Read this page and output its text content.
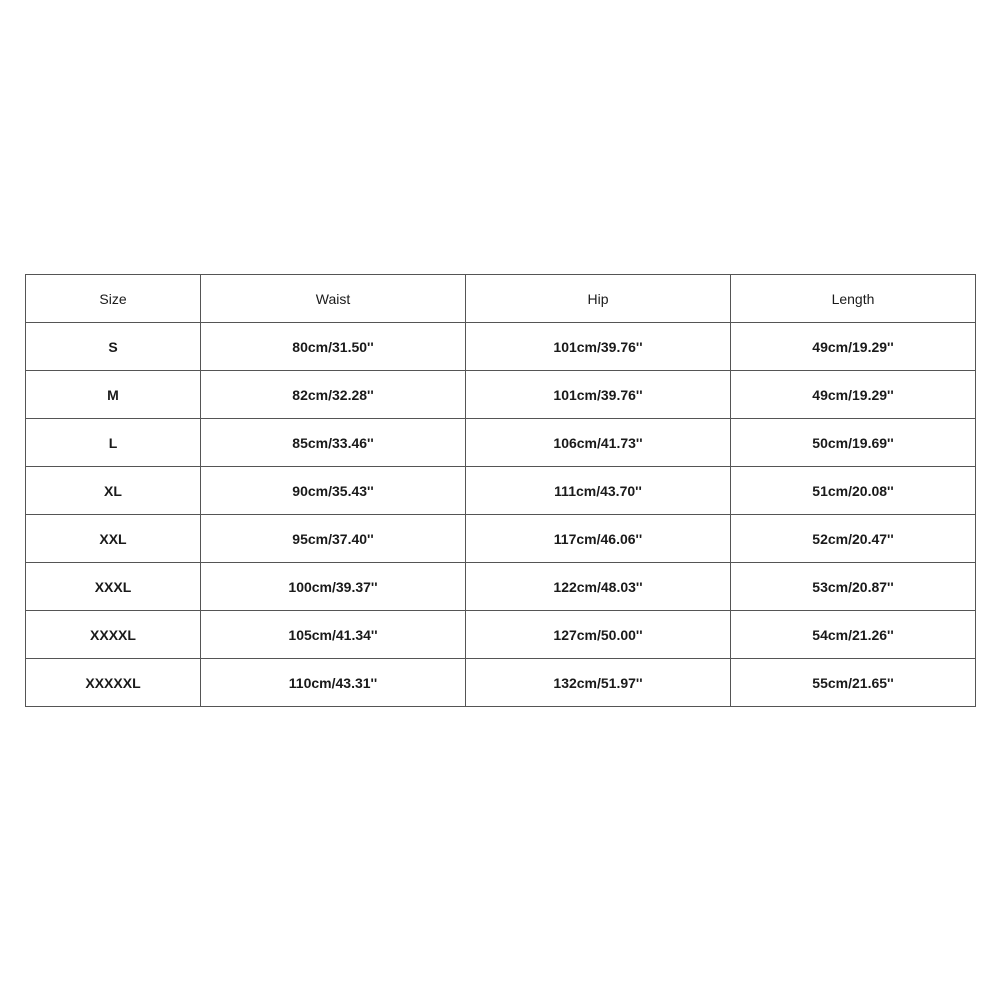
Size	Waist	Hip	Length
S	80cm/31.50''	101cm/39.76''	49cm/19.29''
M	82cm/32.28''	101cm/39.76''	49cm/19.29''
L	85cm/33.46''	106cm/41.73''	50cm/19.69''
XL	90cm/35.43''	111cm/43.70''	51cm/20.08''
XXL	95cm/37.40''	117cm/46.06''	52cm/20.47''
XXXL	100cm/39.37''	122cm/48.03''	53cm/20.87''
XXXXL	105cm/41.34''	127cm/50.00''	54cm/21.26''
XXXXXL	110cm/43.31''	132cm/51.97''	55cm/21.65''
